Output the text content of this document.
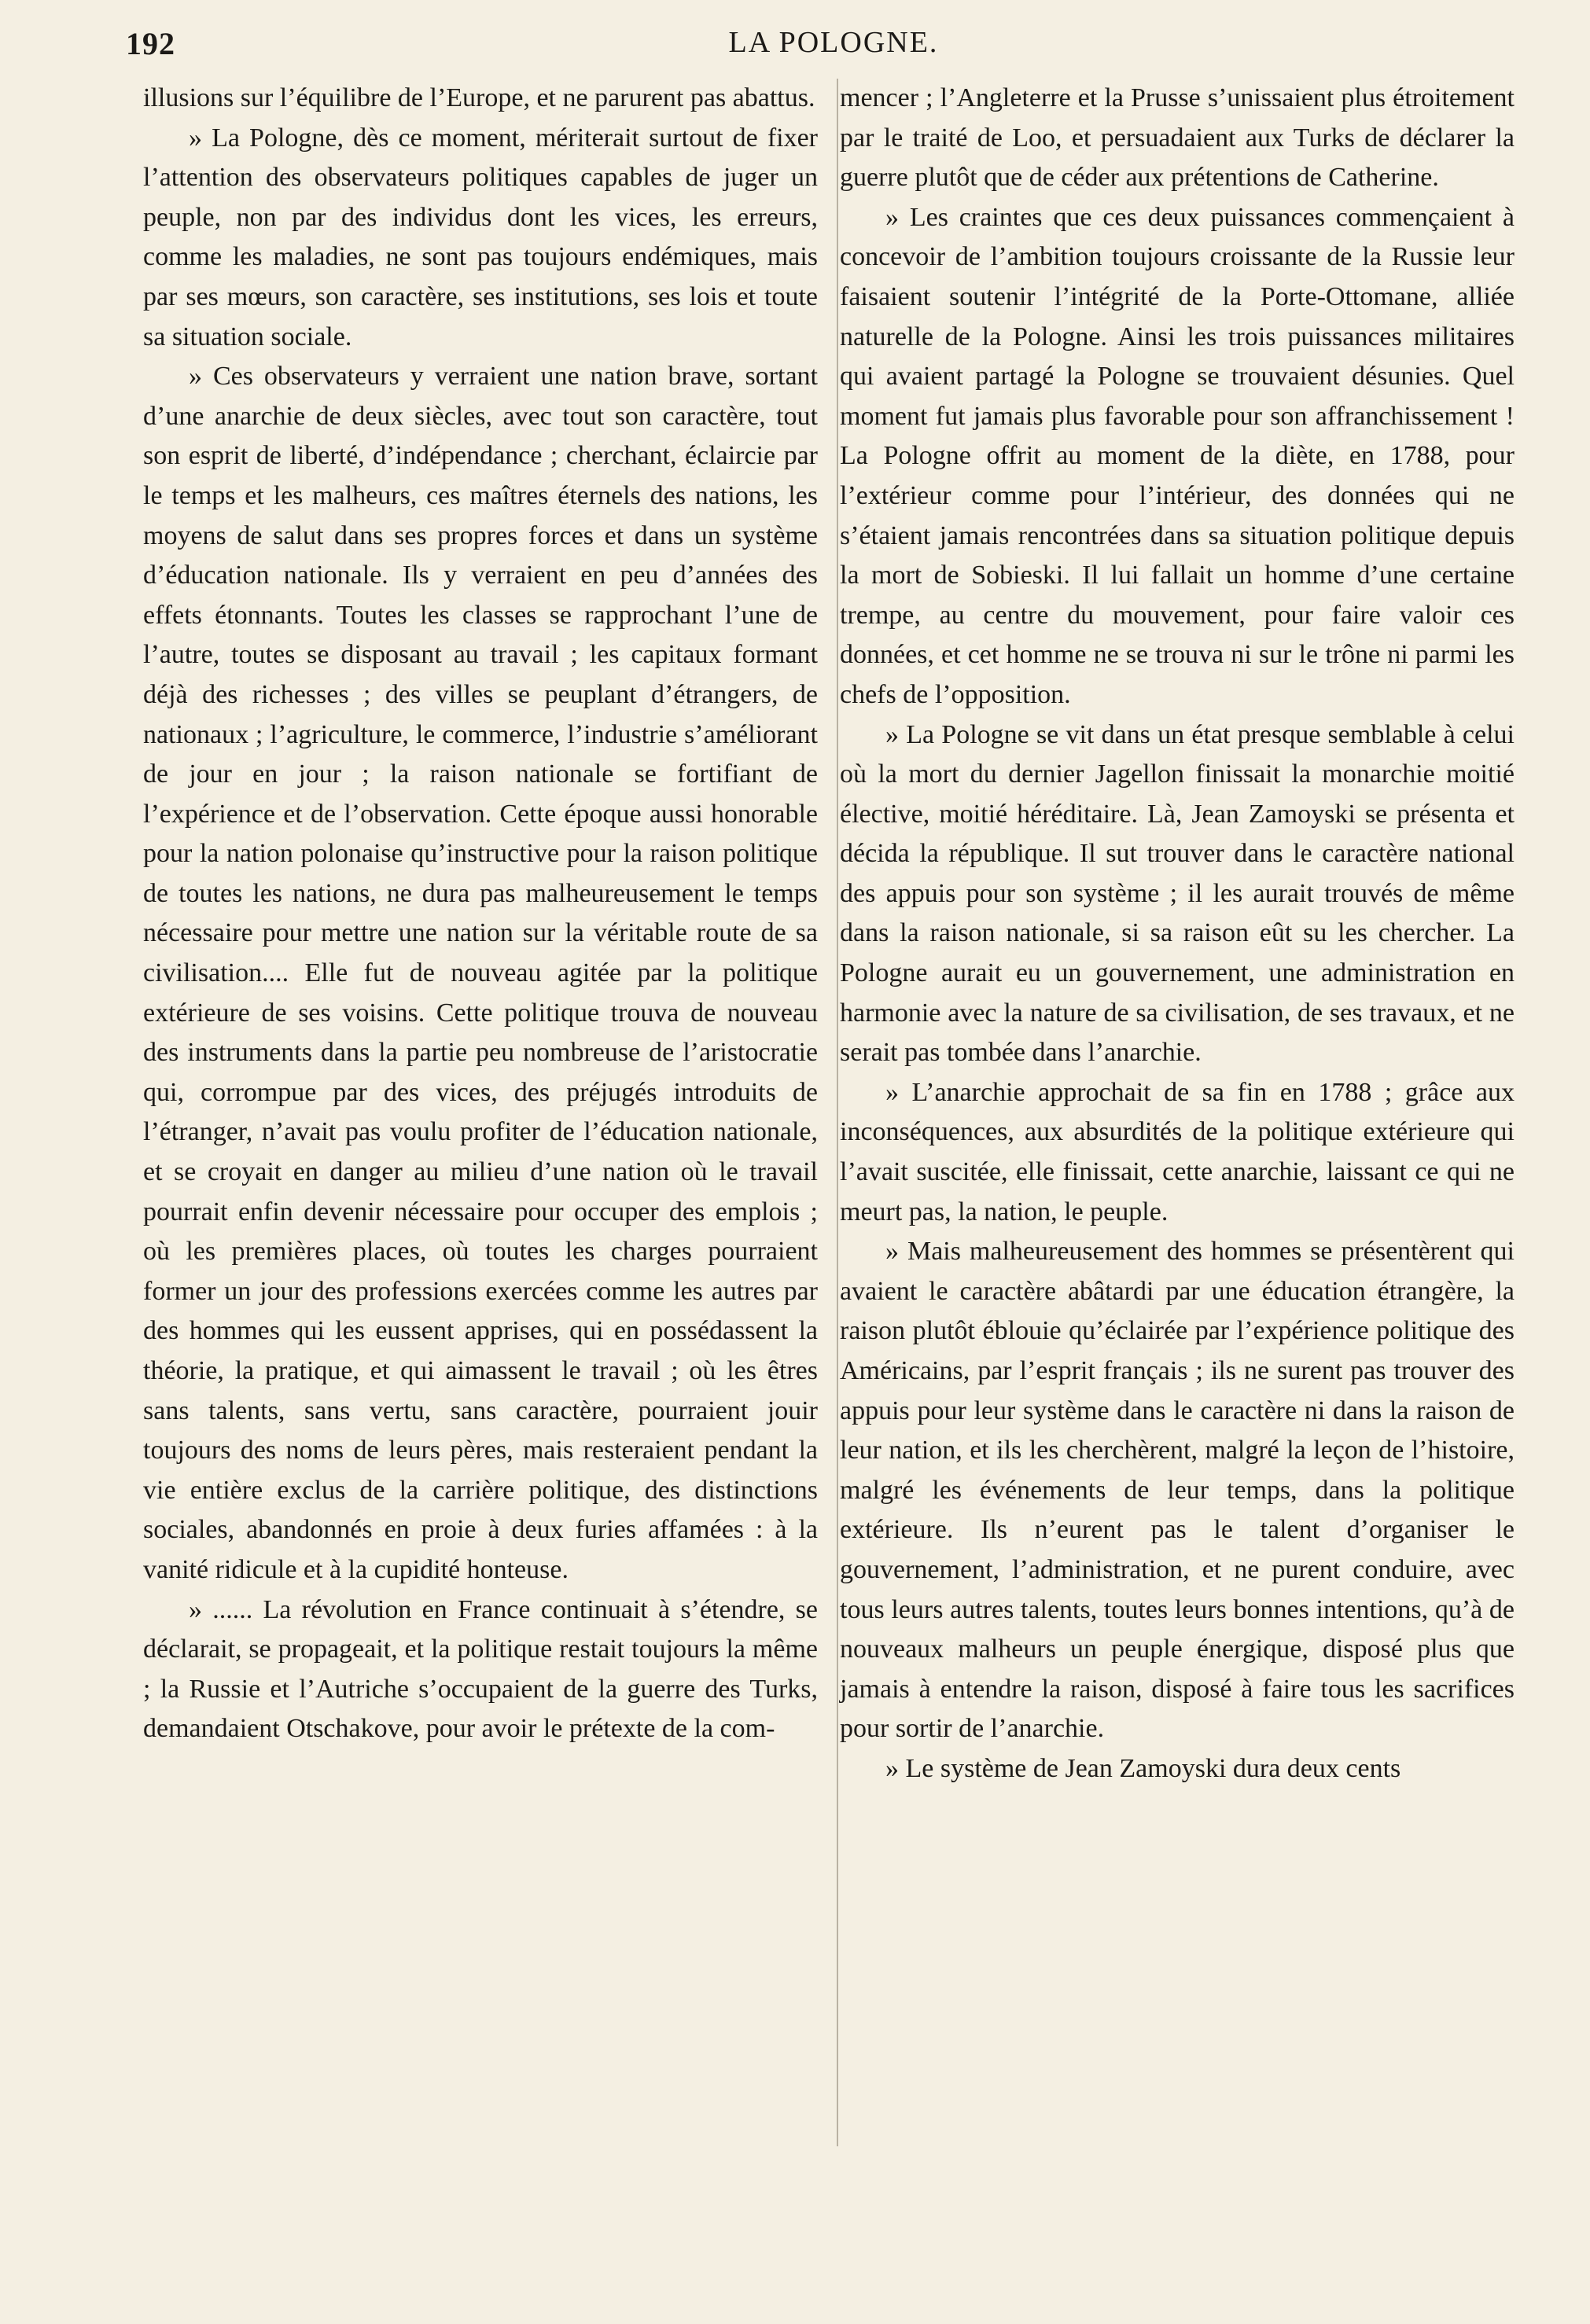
192	LA POLOGNE.

illusions sur l’équilibre de l’Europe, et ne parurent pas abattus.

» La Pologne, dès ce moment, mériterait surtout de fixer l’attention des observateurs politiques capables de juger un peuple, non par des individus dont les vices, les erreurs, comme les maladies, ne sont pas toujours endémiques, mais par ses mœurs, son caractère, ses institutions, ses lois et toute sa situation sociale.

» Ces observateurs y verraient une nation brave, sortant d’une anarchie de deux siècles, avec tout son caractère, tout son esprit de liberté, d’indépendance ; cherchant, éclaircie par le temps et les malheurs, ces maîtres éternels des nations, les moyens de salut dans ses propres forces et dans un système d’éducation nationale. Ils y verraient en peu d’années des effets étonnants. Toutes les classes se rapprochant l’une de l’autre, toutes se disposant au travail ; les capitaux formant déjà des richesses ; des villes se peuplant d’étrangers, de nationaux ; l’agriculture, le commerce, l’industrie s’améliorant de jour en jour ; la raison nationale se fortifiant de l’expérience et de l’observation. Cette époque aussi honorable pour la nation polonaise qu’instructive pour la raison politique de toutes les nations, ne dura pas malheureusement le temps nécessaire pour mettre une nation sur la véritable route de sa civilisation.... Elle fut de nouveau agitée par la politique extérieure de ses voisins. Cette politique trouva de nouveau des instruments dans la partie peu nombreuse de l’aristocratie qui, corrompue par des vices, des préjugés introduits de l’étranger, n’avait pas voulu profiter de l’éducation nationale, et se croyait en danger au milieu d’une nation où le travail pourrait enfin devenir nécessaire pour occuper des emplois ; où les premières places, où toutes les charges pourraient former un jour des professions exercées comme les autres par des hommes qui les eussent apprises, qui en possédassent la théorie, la pratique, et qui aimassent le travail ; où les êtres sans talents, sans vertu, sans caractère, pourraient jouir toujours des noms de leurs pères, mais resteraient pendant la vie entière exclus de la carrière politique, des distinctions sociales, abandonnés en proie à deux furies affamées : à la vanité ridicule et à la cupidité honteuse.

» ...... La révolution en France continuait à s’étendre, se déclarait, se propageait, et la politique restait toujours la même ; la Russie et l’Autriche s’occupaient de la guerre des Turks, demandaient Otschakove, pour avoir le prétexte de la com-

mencer ; l’Angleterre et la Prusse s’unissaient plus étroitement par le traité de Loo, et persuadaient aux Turks de déclarer la guerre plutôt que de céder aux prétentions de Catherine.

» Les craintes que ces deux puissances commençaient à concevoir de l’ambition toujours croissante de la Russie leur faisaient soutenir l’intégrité de la Porte-Ottomane, alliée naturelle de la Pologne. Ainsi les trois puissances militaires qui avaient partagé la Pologne se trouvaient désunies. Quel moment fut jamais plus favorable pour son affranchissement ! La Pologne offrit au moment de la diète, en 1788, pour l’extérieur comme pour l’intérieur, des données qui ne s’étaient jamais rencontrées dans sa situation politique depuis la mort de Sobieski. Il lui fallait un homme d’une certaine trempe, au centre du mouvement, pour faire valoir ces données, et cet homme ne se trouva ni sur le trône ni parmi les chefs de l’opposition.

» La Pologne se vit dans un état presque semblable à celui où la mort du dernier Jagellon finissait la monarchie moitié élective, moitié héréditaire. Là, Jean Zamoyski se présenta et décida la république. Il sut trouver dans le caractère national des appuis pour son système ; il les aurait trouvés de même dans la raison nationale, si sa raison eût su les chercher. La Pologne aurait eu un gouvernement, une administration en harmonie avec la nature de sa civilisation, de ses travaux, et ne serait pas tombée dans l’anarchie.

» L’anarchie approchait de sa fin en 1788 ; grâce aux inconséquences, aux absurdités de la politique extérieure qui l’avait suscitée, elle finissait, cette anarchie, laissant ce qui ne meurt pas, la nation, le peuple.

» Mais malheureusement des hommes se présentèrent qui avaient le caractère abâtardi par une éducation étrangère, la raison plutôt éblouie qu’éclairée par l’expérience politique des Américains, par l’esprit français ; ils ne surent pas trouver des appuis pour leur système dans le caractère ni dans la raison de leur nation, et ils les cherchèrent, malgré la leçon de l’histoire, malgré les événements de leur temps, dans la politique extérieure. Ils n’eurent pas le talent d’organiser le gouvernement, l’administration, et ne purent conduire, avec tous leurs autres talents, toutes leurs bonnes intentions, qu’à de nouveaux malheurs un peuple énergique, disposé plus que jamais à entendre la raison, disposé à faire tous les sacrifices pour sortir de l’anarchie.

» Le système de Jean Zamoyski dura deux cents
